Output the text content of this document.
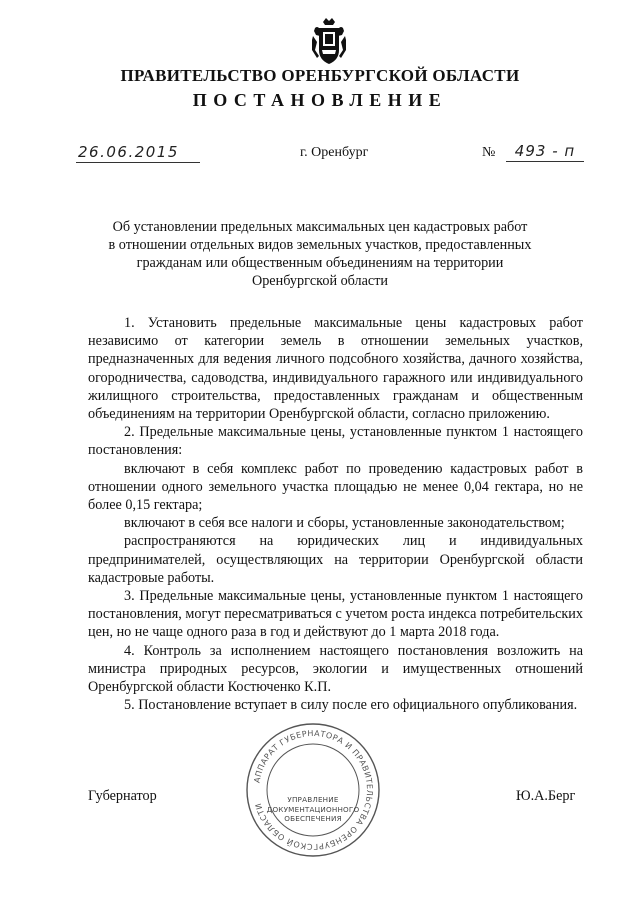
ПРАВИТЕЛЬСТВО ОРЕНБУРГСКОЙ ОБЛАСТИ
ПОСТАНОВЛЕНИЕ
26.06.2015	г. Оренбург	№	493 - п
Об установлении предельных максимальных цен кадастровых работ
в отношении отдельных видов земельных участков, предоставленных
гражданам или общественным объединениям на территории
Оренбургской области

1. Установить предельные максимальные цены кадастровых работ независимо от категории земель в отношении земельных участков, предназначенных для ведения личного подсобного хозяйства, дачного хозяйства, огородничества, садоводства, индивидуального гаражного или индивидуального жилищного строительства, предоставленных гражданам и общественным объединениям на территории Оренбургской области, согласно приложению.

2. Предельные максимальные цены, установленные пунктом 1 настоящего постановления:

включают в себя комплекс работ по проведению кадастровых работ в отношении одного земельного участка площадью не менее 0,04 гектара, но не более 0,15 гектара;

включают в себя все налоги и сборы, установленные законодательством;

распространяются на юридических лиц и индивидуальных предпринимателей, осуществляющих на территории Оренбургской области кадастровые работы.

3. Предельные максимальные цены, установленные пунктом 1 настоящего постановления, могут пересматриваться с учетом роста индекса потребительских цен, но не чаще одного раза в год и действуют до 1 марта 2018 года.

4. Контроль за исполнением настоящего постановления возложить на министра природных ресурсов, экологии и имущественных отношений Оренбургской области Костюченко К.П.

5. Постановление вступает в силу после его официального опубликования.

АППАРАТ ГУБЕРНАТОРА И ПРАВИТЕЛЬСТВА ОРЕНБУРГСКОЙ ОБЛАСТИ
УПРАВЛЕНИЕ
ДОКУМЕНТАЦИОННОГО
ОБЕСПЕЧЕНИЯ
Губернатор	Ю.А.Берг
